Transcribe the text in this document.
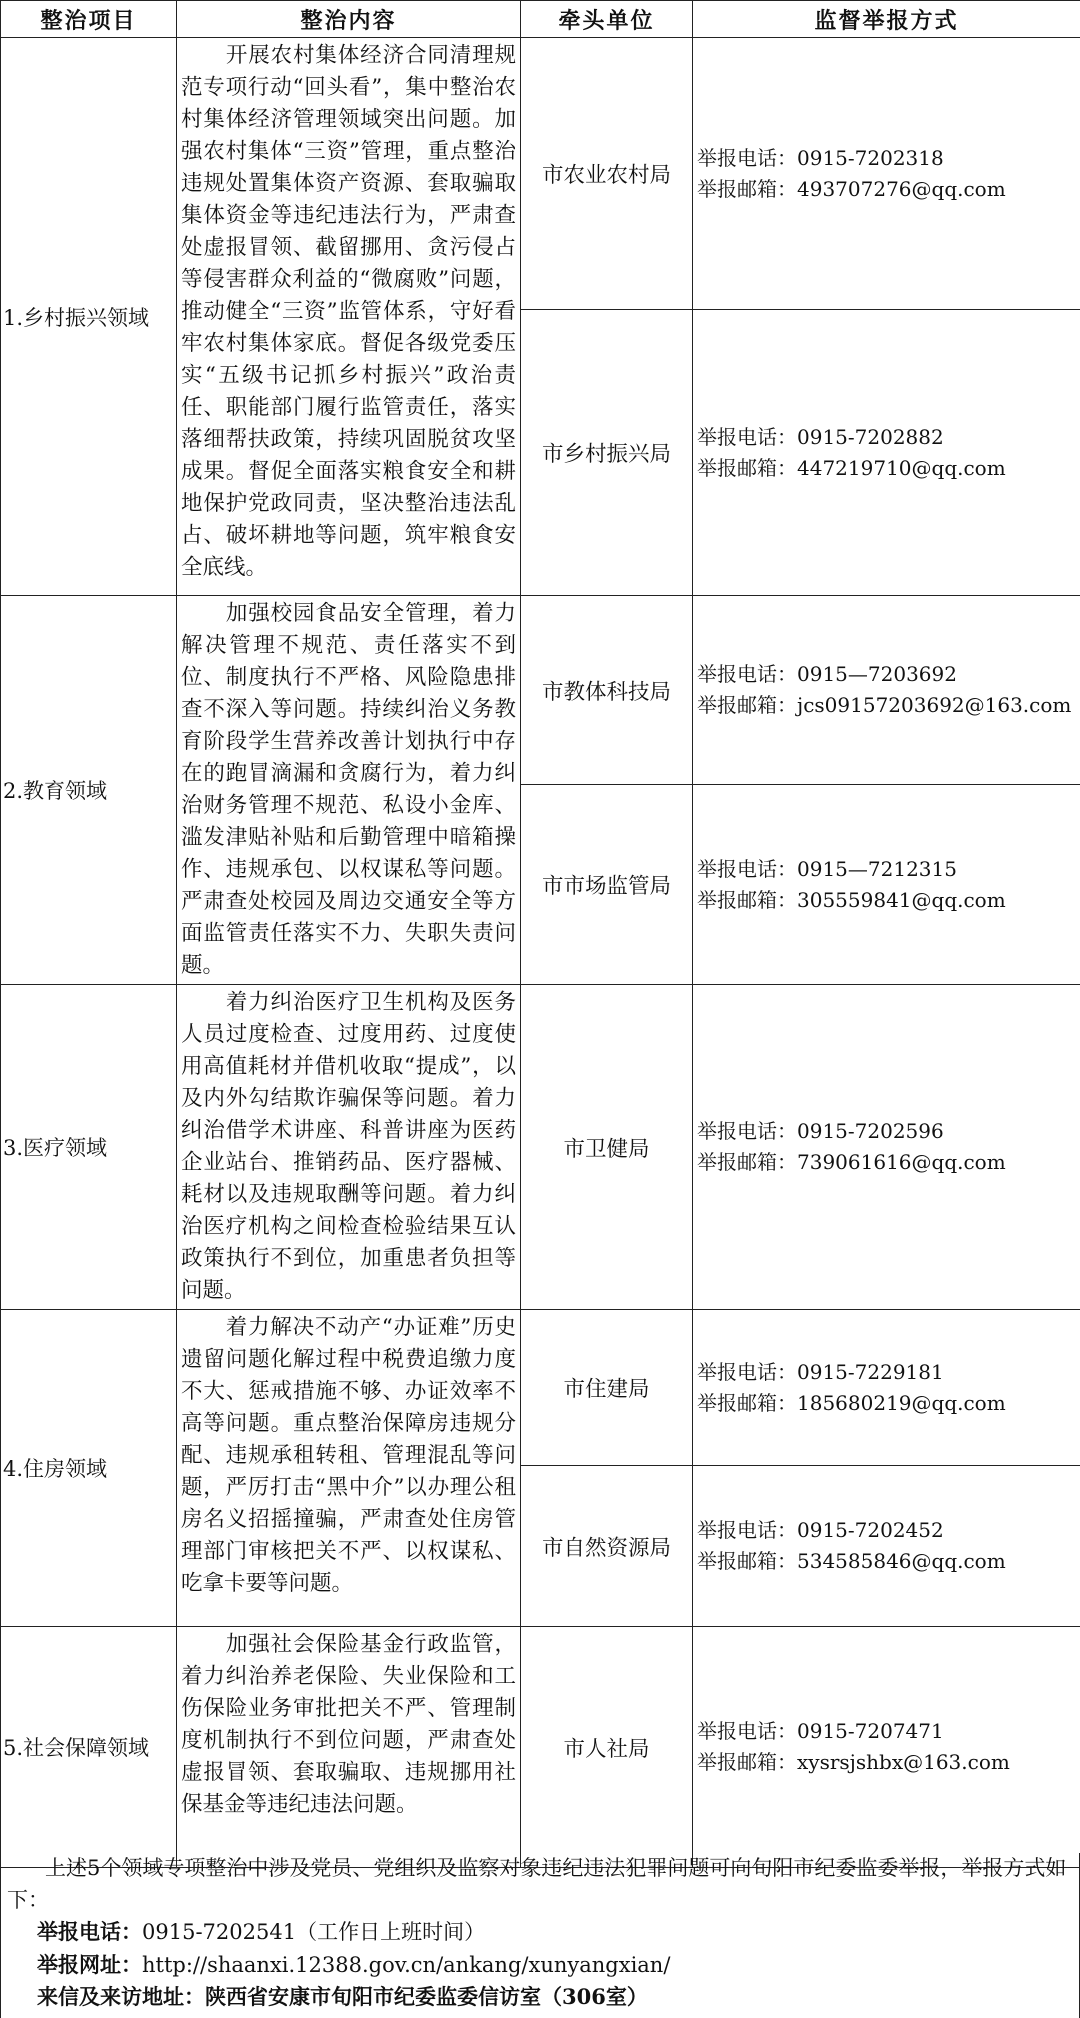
整治项目	整治内容	牵头单位	监督举报方式
1.乡村振兴领域	开展农村集体经济合同清理规范专项行动“回头看”，集中整治农村集体经济管理领域突出问题。加强农村集体“三资”管理，重点整治违规处置集体资产资源、套取骗取集体资金等违纪违法行为，严肃查处虚报冒领、截留挪用、贪污侵占等侵害群众利益的“微腐败”问题，推动健全“三资”监管体系，守好看牢农村集体家底。督促各级党委压实“五级书记抓乡村振兴”政治责任、职能部门履行监管责任，落实落细帮扶政策，持续巩固脱贫攻坚成果。督促全面落实粮食安全和耕地保护党政同责，坚决整治违法乱占、破坏耕地等问题，筑牢粮食安全底线。	市农业农村局	举报电话：0915-7202318
举报邮箱：493707276@qq.com

		市乡村振兴局	举报电话：0915-7202882
举报邮箱：447219710@qq.com

2.教育领域	加强校园食品安全管理，着力解决管理不规范、责任落实不到位、制度执行不严格、风险隐患排查不深入等问题。持续纠治义务教育阶段学生营养改善计划执行中存在的跑冒滴漏和贪腐行为，着力纠治财务管理不规范、私设小金库、滥发津贴补贴和后勤管理中暗箱操作、违规承包、以权谋私等问题。严肃查处校园及周边交通安全等方面监管责任落实不力、失职失责问题。	市教体科技局	举报电话：0915—7203692
举报邮箱：jcs09157203692@163.com

		市市场监管局	举报电话：0915—7212315
举报邮箱：305559841@qq.com

3.医疗领域	着力纠治医疗卫生机构及医务人员过度检查、过度用药、过度使用高值耗材并借机收取“提成”，以及内外勾结欺诈骗保等问题。着力纠治借学术讲座、科普讲座为医药企业站台、推销药品、医疗器械、耗材以及违规取酬等问题。着力纠治医疗机构之间检查检验结果互认政策执行不到位，加重患者负担等问题。	市卫健局	举报电话：0915-7202596
举报邮箱：739061616@qq.com

4.住房领域	着力解决不动产“办证难”历史遗留问题化解过程中税费追缴力度不大、惩戒措施不够、办证效率不高等问题。重点整治保障房违规分配、违规承租转租、管理混乱等问题，严厉打击“黑中介”以办理公租房名义招摇撞骗，严肃查处住房管理部门审核把关不严、以权谋私、吃拿卡要等问题。	市住建局	举报电话：0915-7229181
举报邮箱：185680219@qq.com

		市自然资源局	举报电话：0915-7202452
举报邮箱：534585846@qq.com

5.社会保障领域	加强社会保险基金行政监管，着力纠治养老保险、失业保险和工伤保险业务审批把关不严、管理制度机制执行不到位问题，严肃查处虚报冒领、套取骗取、违规挪用社保基金等违纪违法问题。	市人社局	举报电话：0915-7207471
举报邮箱：xysrsjshbx@163.com
上述5个领域专项整治中涉及党员、党组织及监察对象违纪违法犯罪问题可向旬阳市纪委监委举报，举报方式如下：
举报电话：0915-7202541（工作日上班时间）
举报网址：http://shaanxi.12388.gov.cn/ankang/xunyangxian/
来信及来访地址：陕西省安康市旬阳市纪委监委信访室（306室）
